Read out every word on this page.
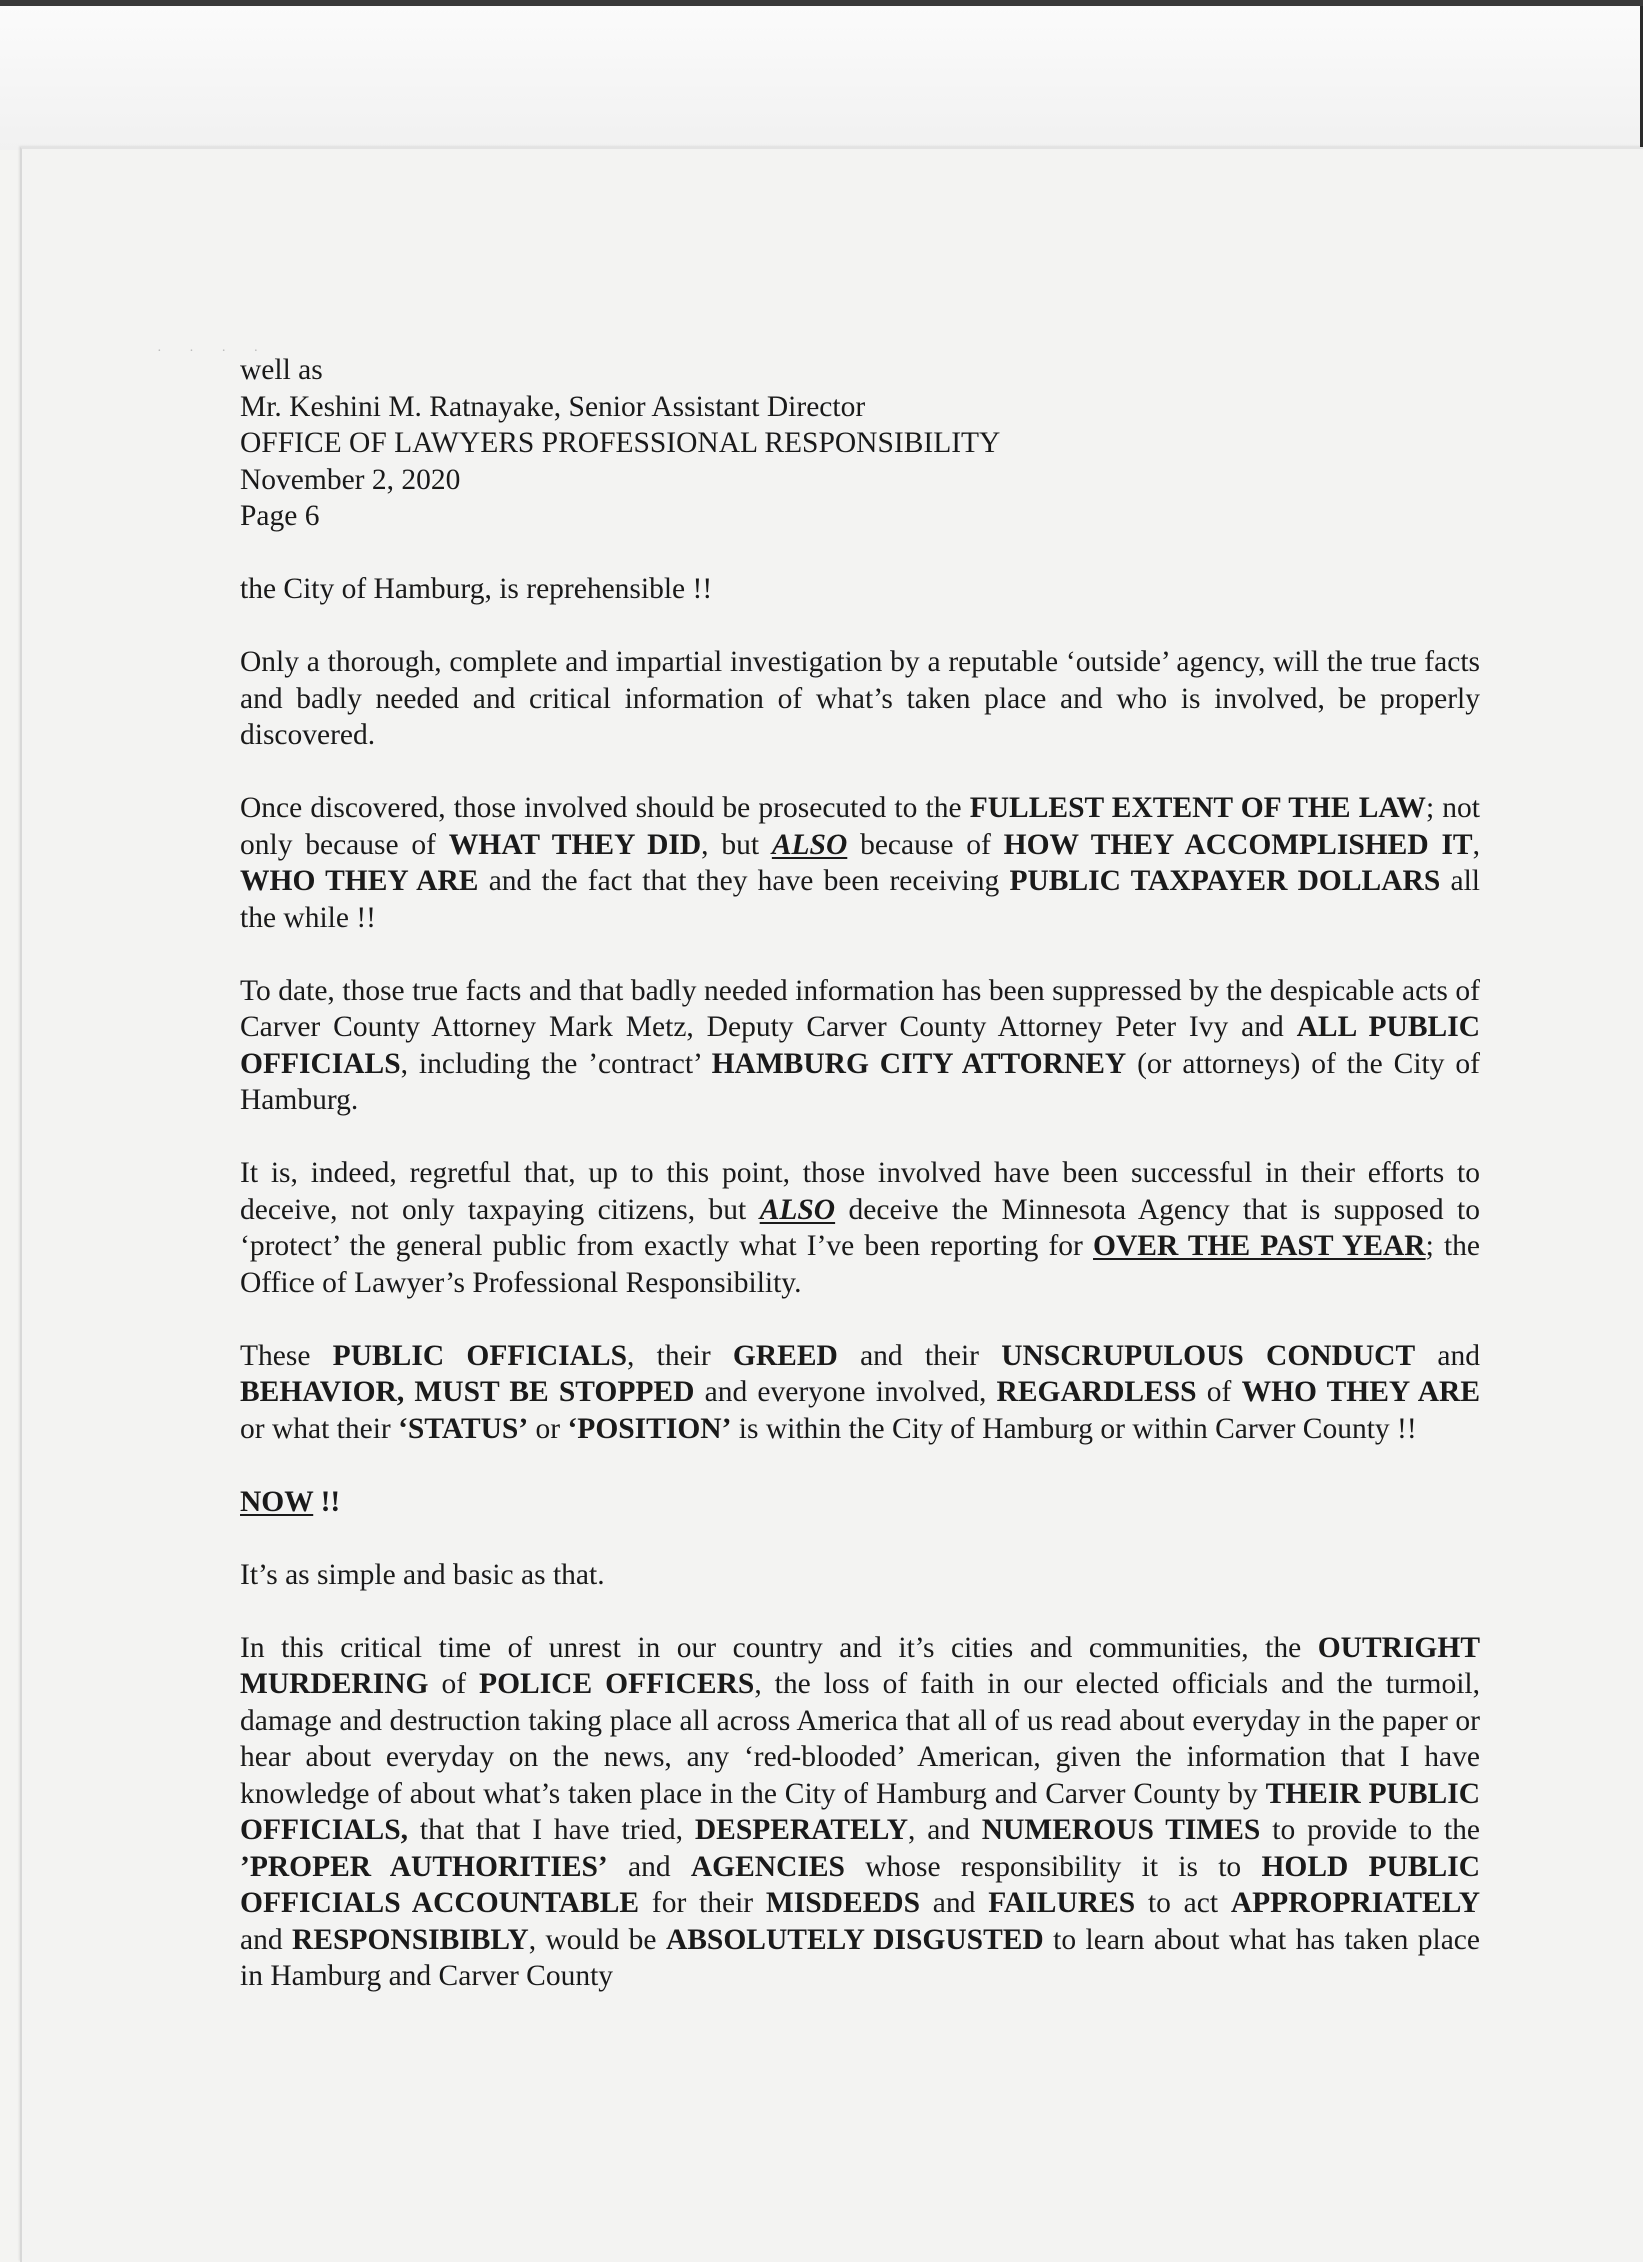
· · · ·
well as
Mr. Keshini M. Ratnayake, Senior Assistant Director
OFFICE OF LAWYERS PROFESSIONAL RESPONSIBILITY
November 2, 2020
Page 6

the City of Hamburg, is reprehensible !!

Only a thorough, complete and impartial investigation by a reputable ‘outside’ agency, will the true facts and badly needed and critical information of what’s taken place and who is involved, be properly discovered.

Once discovered, those involved should be prosecuted to the FULLEST EXTENT OF THE LAW; not only because of WHAT THEY DID, but ALSO because of HOW THEY ACCOMPLISHED IT, WHO THEY ARE and the fact that they have been receiving PUBLIC TAXPAYER DOLLARS all the while !!

To date, those true facts and that badly needed information has been suppressed by the despicable acts of Carver County Attorney Mark Metz, Deputy Carver County Attorney Peter Ivy and ALL PUBLIC OFFICIALS, including the ’contract’ HAMBURG CITY ATTORNEY (or attorneys) of the City of Hamburg.

It is, indeed, regretful that, up to this point, those involved have been successful in their efforts to deceive, not only taxpaying citizens, but ALSO deceive the Minnesota Agency that is supposed to ‘protect’ the general public from exactly what I’ve been reporting for OVER THE PAST YEAR; the Office of Lawyer’s Professional Responsibility.

These PUBLIC OFFICIALS, their GREED and their UNSCRUPULOUS CONDUCT and BEHAVIOR, MUST BE STOPPED and everyone involved, REGARDLESS of WHO THEY ARE or what their ‘STATUS’ or ‘POSITION’ is within the City of Hamburg or within Carver County !!

NOW !!

It’s as simple and basic as that.

In this critical time of unrest in our country and it’s cities and communities, the OUTRIGHT MURDERING of POLICE OFFICERS, the loss of faith in our elected officials and the turmoil, damage and destruction taking place all across America that all of us read about everyday in the paper or hear about everyday on the news, any ‘red-blooded’ American, given the information that I have knowledge of about what’s taken place in the City of Hamburg and Carver County by THEIR PUBLIC OFFICIALS, that that I have tried, DESPERATELY, and NUMEROUS TIMES to provide to the ’PROPER AUTHORITIES’ and AGENCIES whose responsibility it is to HOLD PUBLIC OFFICIALS ACCOUNTABLE for their MISDEEDS and FAILURES to act APPROPRIATELY and RESPONSIBIBLY, would be ABSOLUTELY DISGUSTED to learn about what has taken place in Hamburg and Carver County
